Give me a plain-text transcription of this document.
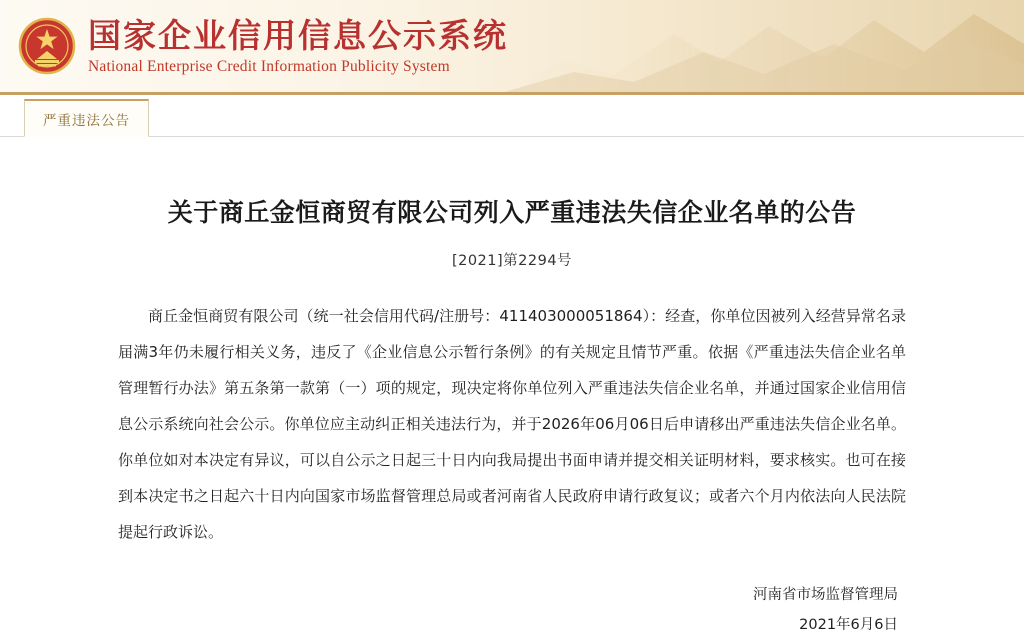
国家企业信用信息公示系统
National Enterprise Credit Information Publicity System
严重违法公告
关于商丘金恒商贸有限公司列入严重违法失信企业名单的公告
[2021]第2294号
商丘金恒商贸有限公司（统一社会信用代码/注册号：411403000051864）：经查，你单位因被列入经营异常名录届满3年仍未履行相关义务，违反了《企业信息公示暂行条例》的有关规定且情节严重。依据《严重违法失信企业名单管理暂行办法》第五条第一款第（一）项的规定，现决定将你单位列入严重违法失信企业名单，并通过国家企业信用信息公示系统向社会公示。你单位应主动纠正相关违法行为，并于2026年06月06日后申请移出严重违法失信企业名单。你单位如对本决定有异议，可以自公示之日起三十日内向我局提出书面申请并提交相关证明材料，要求核实。也可在接到本决定书之日起六十日内向国家市场监督管理总局或者河南省人民政府申请行政复议；或者六个月内依法向人民法院提起行政诉讼。
河南省市场监督管理局
2021年6月6日
